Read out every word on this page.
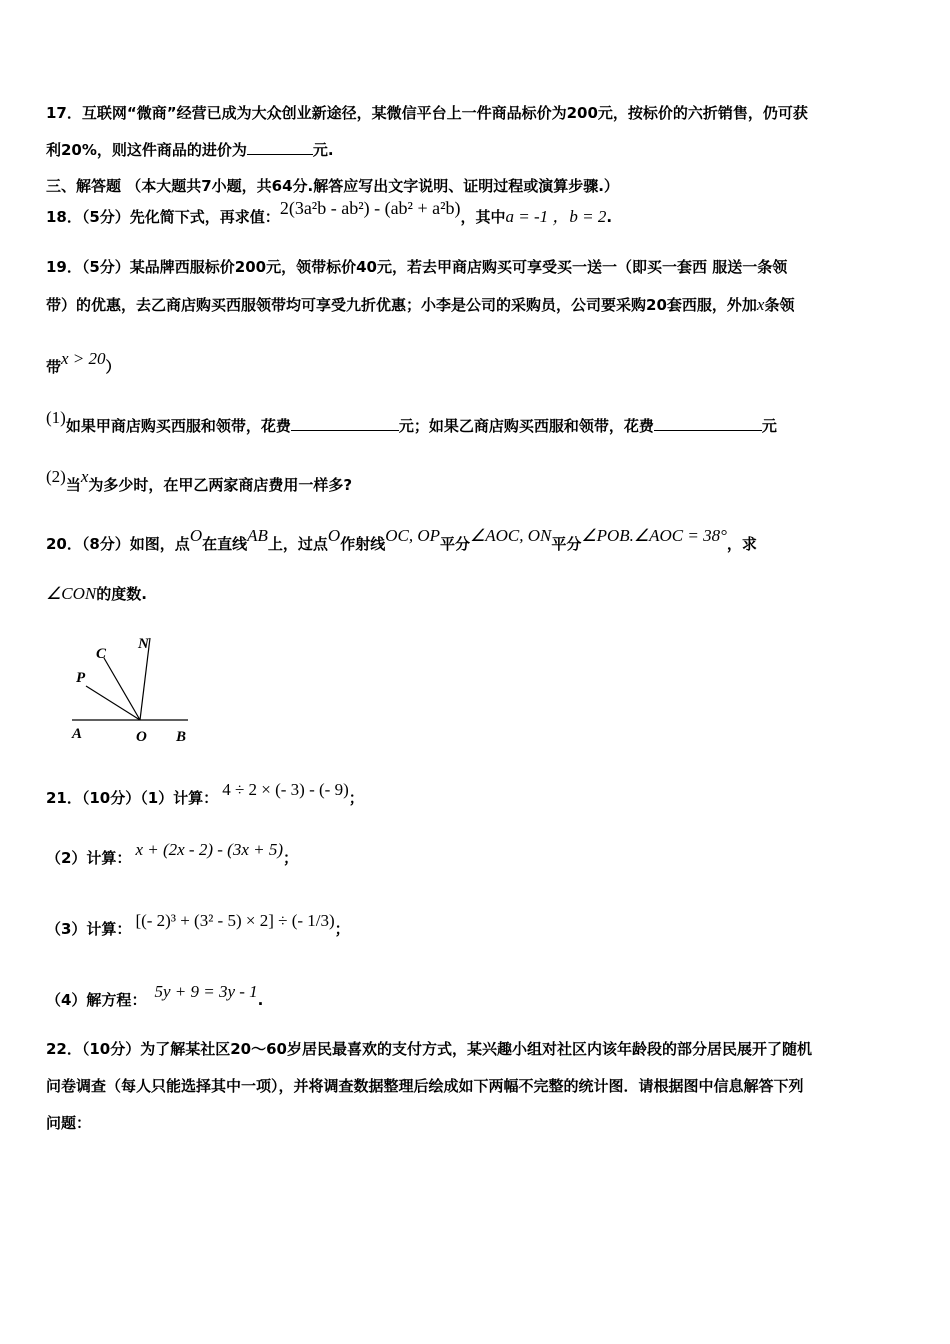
17．互联网“微商”经营已成为大众创业新途径，某微信平台上一件商品标价为200元，按标价的六折销售，仍可获
利20%，则这件商品的进价为	元.
三、解答题 （本大题共7小题，共64分.解答应写出文字说明、证明过程或演算步骤.）
18．（5分）先化简下式，再求值：2(3a²b - ab²) - (ab² + a²b)，其中a = -1 ，b = 2.
19．（5分）某品牌西服标价200元，领带标价40元，若去甲商店购买可享受买一送一（即买一套西 服送一条领
带）的优惠，去乙商店购买西服领带均可享受九折优惠；小李是公司的采购员，公司要采购20套西服，外加x条领
带x > 20）
(1)如果甲商店购买西服和领带，花费	元；如果乙商店购买西服和领带，花费	元
(2)当x为多少时，在甲乙两家商店费用一样多?
20．（8分）如图，点O在直线AB上，过点O作射线OC, OP平分∠AOC, ON平分∠POB.∠AOC = 38°，求
∠CON的度数.
N
C
P
A	O B
21．（10分）（1）计算： 4 ÷ 2 × (- 3) - (- 9)；
（2）计算： x + (2x - 2) - (3x + 5)；
（3）计算： [(- 2)³ + (3² - 5) × 2] ÷ (- 1/3)；
（4）解方程： 5y + 9 = 3y - 1.
22．（10分）为了解某社区20～60岁居民最喜欢的支付方式，某兴趣小组对社区内该年龄段的部分居民展开了随机
问卷调查（每人只能选择其中一项），并将调查数据整理后绘成如下两幅不完整的统计图．请根据图中信息解答下列
问题：
